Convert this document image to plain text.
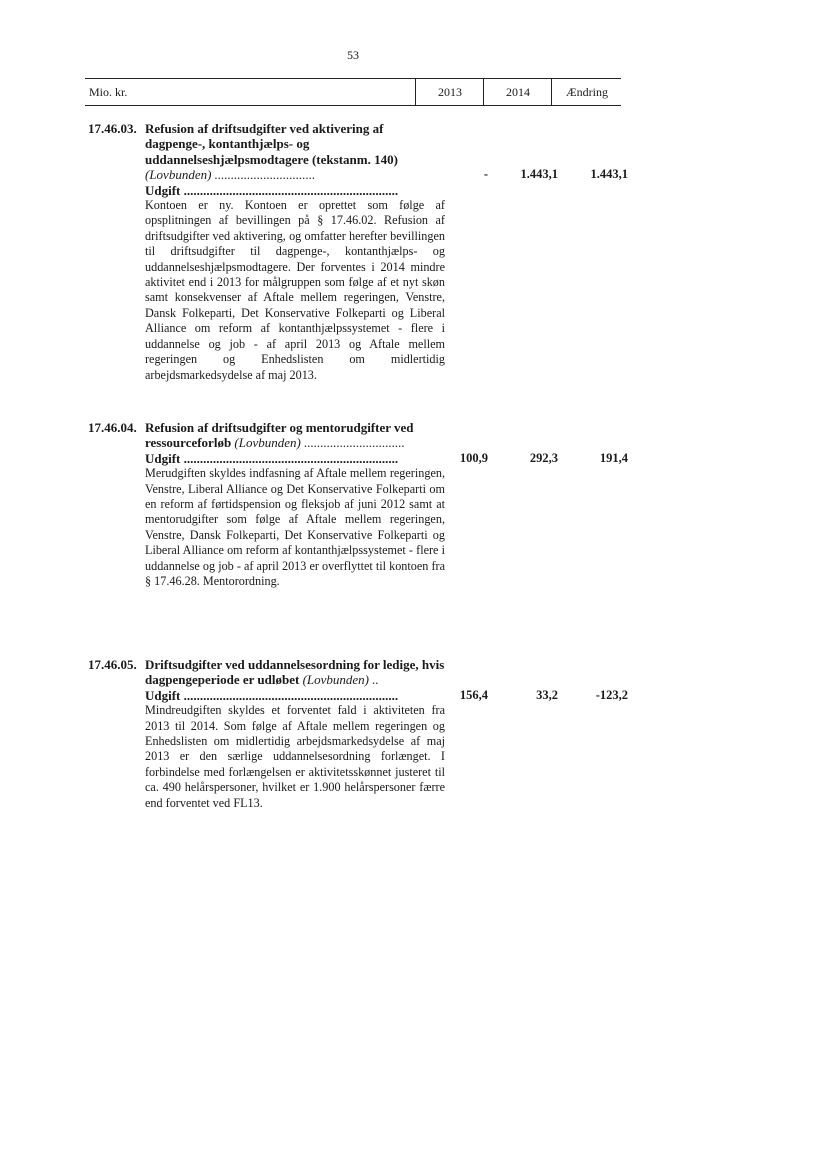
53
Mio. kr.	2013	2014	Ændring
17.46.03. Refusion af driftsudgifter ved aktivering af dagpenge-, kontanthjælps- og uddannelseshjælpsmodtagere (tekstanm. 140) (Lovbunden) ...............................
Udgift ..................................................................
Kontoen er ny. Kontoen er oprettet som følge af opsplitningen af bevillingen på § 17.46.02. Refusion af driftsudgifter ved aktivering, og omfatter herefter bevillingen til driftsudgifter til dagpenge-, kontanthjælps- og uddannelseshjælpsmodtagere. Der forventes i 2014 mindre aktivitet end i 2013 for målgruppen som følge af et nyt skøn samt konsekvenser af Aftale mellem regeringen, Venstre, Dansk Folkeparti, Det Konservative Folkeparti og Liberal Alliance om reform af kontanthjælpssystemet - flere i uddannelse og job - af april 2013 og Aftale mellem regeringen og Enhedslisten om midlertidig arbejdsmarkedsydelse af maj 2013.
-	1.443,1	1.443,1
17.46.04. Refusion af driftsudgifter og mentorudgifter ved ressourceforløb (Lovbunden) ...............................
Udgift ..................................................................
Merudgiften skyldes indfasning af Aftale mellem regeringen, Venstre, Liberal Alliance og Det Konservative Folkeparti om en reform af førtidspension og fleksjob af juni 2012 samt at mentorudgifter som følge af Aftale mellem regeringen, Venstre, Dansk Folkeparti, Det Konservative Folkeparti og Liberal Alliance om reform af kontanthjælpssystemet - flere i uddannelse og job - af april 2013 er overflyttet til kontoen fra § 17.46.28. Mentorordning.
100,9	292,3	191,4
17.46.05. Driftsudgifter ved uddannelsesordning for ledige, hvis dagpengeperiode er udløbet (Lovbunden) ..
Udgift ..................................................................
Mindreudgiften skyldes et forventet fald i aktiviteten fra 2013 til 2014. Som følge af Aftale mellem regeringen og Enhedslisten om midlertidig arbejdsmarkedsydelse af maj 2013 er den særlige uddannelsesordning forlænget. I forbindelse med forlængelsen er aktivitetsskønnet justeret til ca. 490 helårspersoner, hvilket er 1.900 helårspersoner færre end forventet ved FL13.
156,4	33,2	-123,2
